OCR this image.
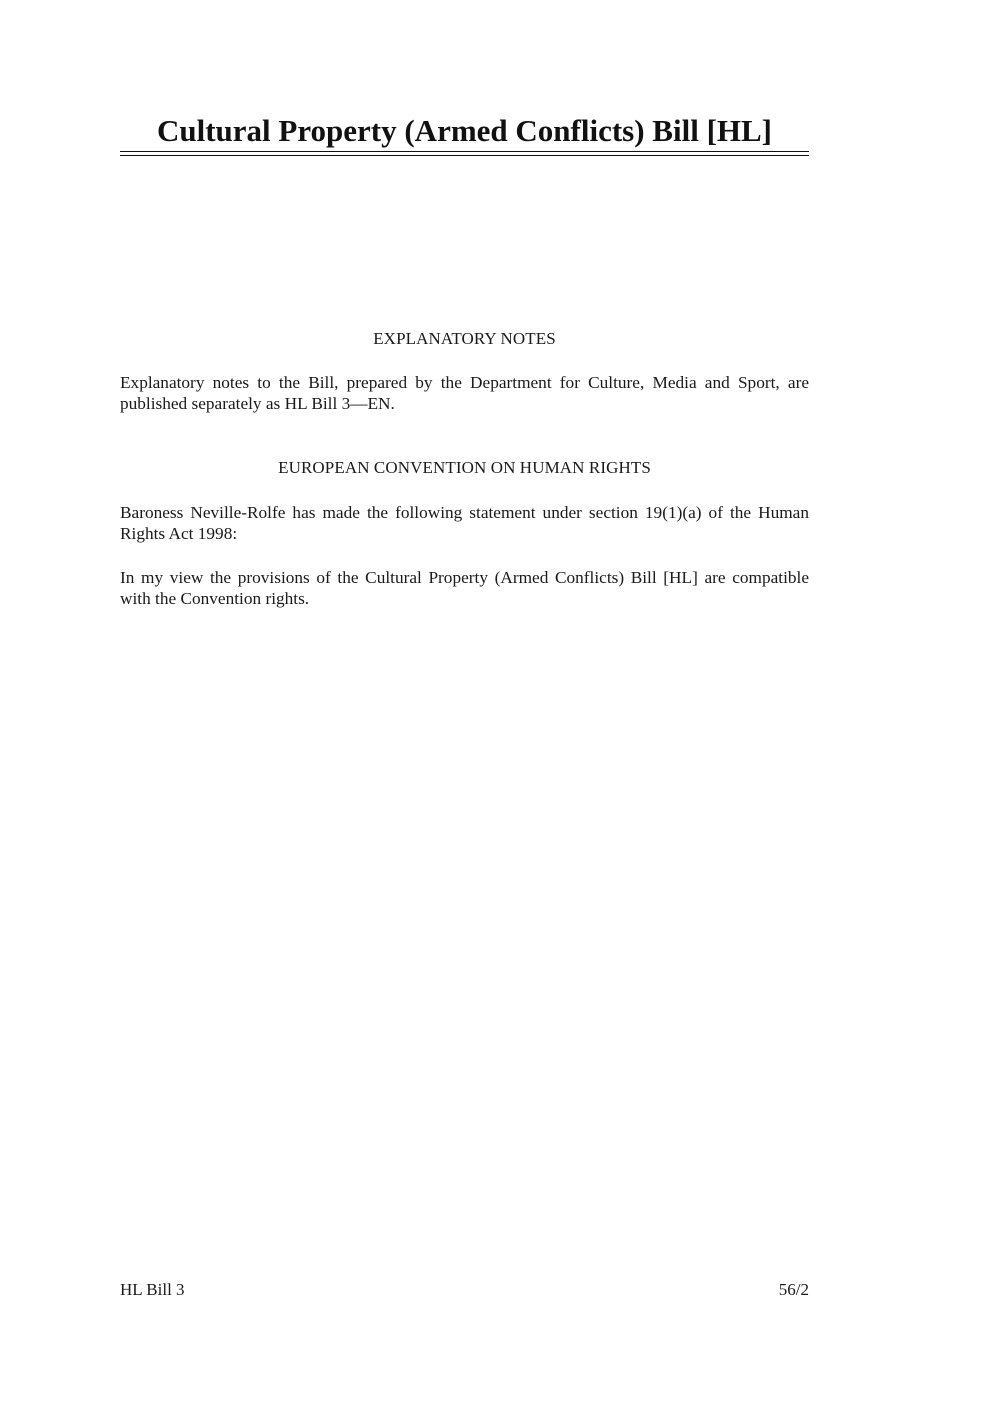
Cultural Property (Armed Conflicts) Bill [HL]
EXPLANATORY NOTES

Explanatory notes to the Bill, prepared by the Department for Culture, Media and Sport, are published separately as HL Bill 3—EN.

EUROPEAN CONVENTION ON HUMAN RIGHTS

Baroness Neville-Rolfe has made the following statement under section 19(1)(a) of the Human Rights Act 1998:

In my view the provisions of the Cultural Property (Armed Conflicts) Bill [HL] are compatible with the Convention rights.

HL Bill 3	56/2
